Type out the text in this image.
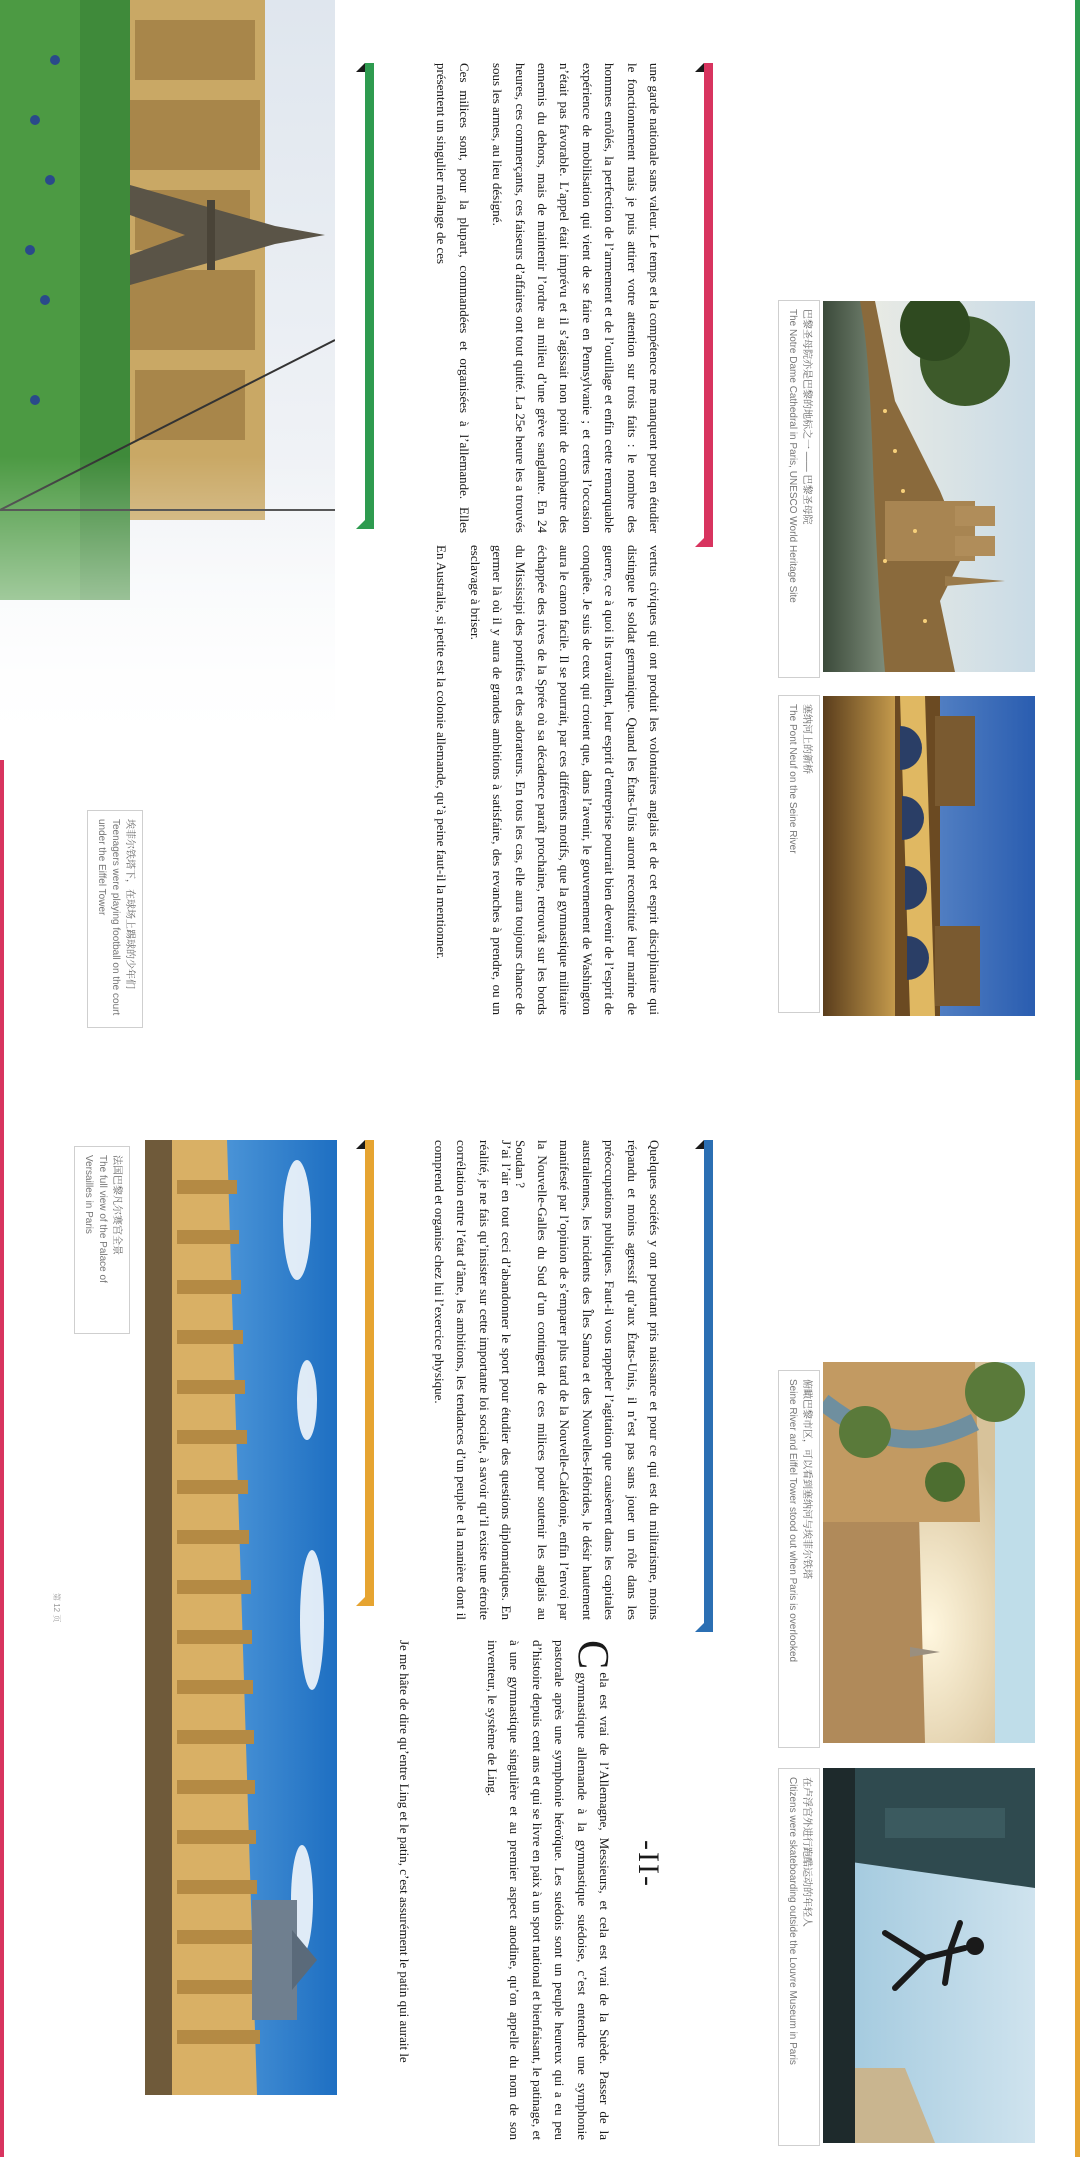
巴黎圣母院亦是巴黎的地标之一 —— 巴黎圣母院
The Notre Dame Cathedral in Paris, UNESCO World Heritage Site
塞纳河上的新桥
The Pont Neuf on the Seine River

vertus civiques qui ont produit les volontaires anglais et de cet esprit disciplinaire qui distingue le soldat germanique. Quand les États-Unis auront reconstitué leur marine de guerre, ce à quoi ils travaillent, leur esprit d’entreprise pourrait bien devenir de l’esprit de conquête. Je suis de ceux qui croient que, dans l’avenir, le gouvernement de Washington aura le canon facile. Il se pourrait, par ces différents motifs, que la gymnastique militaire échappée des rives de la Sprée où sa décadence paraît prochaine, retrouvât sur les bords du Mississipi des pontifes et des adorateurs. En tous les cas, elle aura toujours chance de germer là où il y aura de grandes ambitions à satisfaire, des revanches à prendre, ou un esclavage à briser.

En Australie, si petite est la colonie allemande, qu’à peine faut-il la mentionner.

une garde nationale sans valeur. Le temps et la compétence me manquent pour en étudier le fonctionnement mais je puis attirer votre attention sur trois faits : le nombre des hommes enrôlés, la perfection de l’armement et de l’outillage et enfin cette remarquable expérience de mobilisation qui vient de se faire en Pennsylvanie ; et certes l’occasion n’était pas favorable. L’appel était imprévu et il s’agissait non point de combattre des ennemis du dehors, mais de maintenir l’ordre au milieu d’une grève sanglante. En 24 heures, ces commerçants, ces faiseurs d’affaires ont tout quitté. La 25e heure les a trouvés sous les armes, au lieu désigné.

Ces milices sont, pour la plupart, commandées et organisées à l’allemande. Elles présentent un singulier mélange de ces

埃菲尔铁塔下，在球场上踢球的少年们
Teenagers were playing football on the court under the Eiffel Tower
俯瞰巴黎市区，可以看到塞纳河与埃菲尔铁塔
Seine River and Eiffel Tower stood out when Paris is overlooked
在卢浮宫外进行跑酷运动的年轻人
Citizens were skateboarding outside the Louvre Museum in Paris

Quelques sociétés y ont pourtant pris naissance et pour ce qui est du militarisme, moins répandu et moins agressif qu’aux États-Unis, il n’est pas sans jouer un rôle dans les préoccupations publiques. Faut-il vous rappeler l’agitation que causèrent dans les capitales australiennes, les incidents des Îles Samoa et des Nouvelles-Hébrides, le désir hautement manifesté par l’opinion de s’emparer plus tard de la Nouvelle-Calédonie, enfin l’envoi par la Nouvelle-Galles du Sud d’un contingent de ces milices pour soutenir les anglais au Soudan ?

-II-

C
ela est vrai de l’Allemagne, Messieurs, et cela est vrai de la Suède. Passer de la gymnastique allemande à la gymnastique suédoise, c’est entendre une symphonie pastorale après une symphonie héroïque. Les suédois sont un peuple heureux qui a eu peu d’histoire depuis cent ans et qui se livre en paix à un sport national et bienfaisant, le patinage, et à une gymnastique singulière et au premier aspect anodine, qu’on appelle du nom de son inventeur, le système de Ling.

J’ai l’air en tout ceci d’abandonner le sport pour étudier des questions diplomatiques. En réalité, je ne fais qu’insister sur cette importante loi sociale, à savoir qu’il existe une étroite corrélation entre l’état d’âme, les ambitions, les tendances d’un peuple et la manière dont il comprend et organise chez lui l’exercice physique.

Je me hâte de dire qu’entre Ling et le patin, c’est assurément le patin qui aurait le

法国巴黎凡尔赛宫全景
The full view of the Palace of Versailles in Paris
第 12 页
